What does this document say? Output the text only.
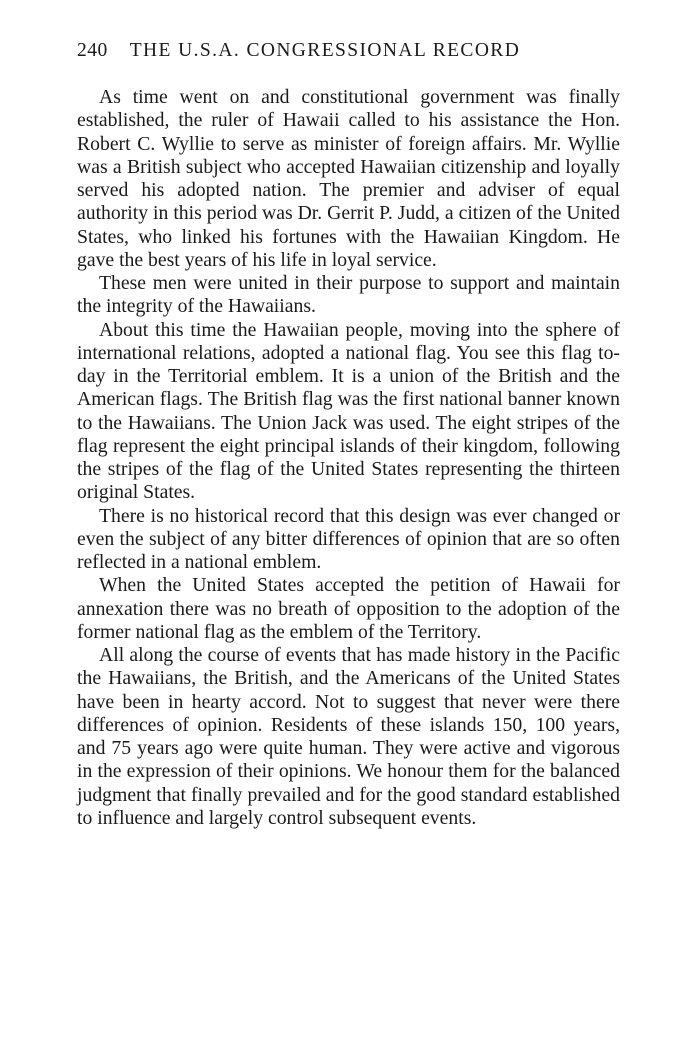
240 THE U.S.A. CONGRESSIONAL RECORD

As time went on and constitutional government was finally established, the ruler of Hawaii called to his assistance the Hon. Robert C. Wyllie to serve as minister of foreign affairs. Mr. Wyllie was a British subject who accepted Hawaiian citizenship and loyally served his adopted nation. The premier and adviser of equal authority in this period was Dr. Gerrit P. Judd, a citizen of the United States, who linked his fortunes with the Hawaiian Kingdom. He gave the best years of his life in loyal service.

These men were united in their purpose to support and maintain the integrity of the Hawaiians.

About this time the Hawaiian people, moving into the sphere of international relations, adopted a national flag. You see this flag to-day in the Territorial emblem. It is a union of the British and the American flags. The British flag was the first national banner known to the Hawaiians. The Union Jack was used. The eight stripes of the flag represent the eight principal islands of their kingdom, following the stripes of the flag of the United States representing the thirteen original States.

There is no historical record that this design was ever changed or even the subject of any bitter differences of opinion that are so often reflected in a national emblem.

When the United States accepted the petition of Hawaii for annexation there was no breath of opposition to the adoption of the former national flag as the emblem of the Territory.

All along the course of events that has made history in the Pacific the Hawaiians, the British, and the Americans of the United States have been in hearty accord. Not to suggest that never were there differences of opinion. Residents of these islands 150, 100 years, and 75 years ago were quite human. They were active and vigorous in the expression of their opinions. We honour them for the balanced judgment that finally prevailed and for the good standard established to influence and largely control subsequent events.
